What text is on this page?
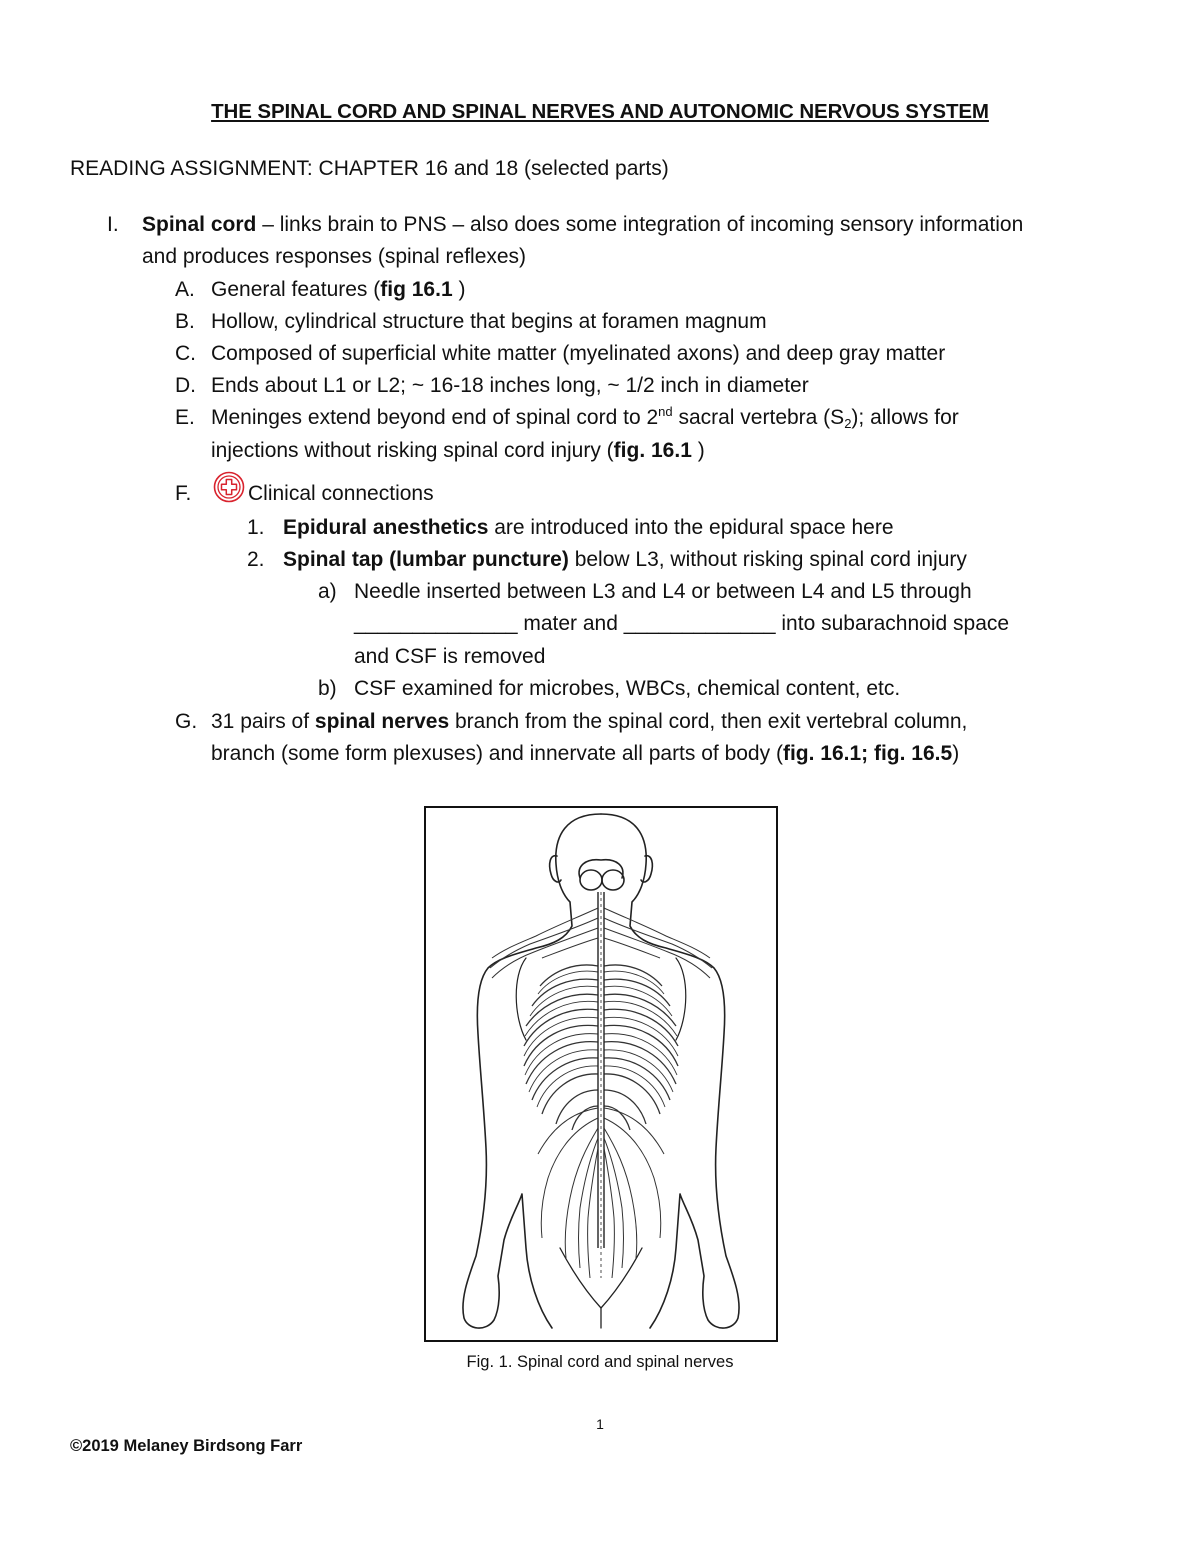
THE SPINAL CORD AND SPINAL NERVES AND AUTONOMIC NERVOUS SYSTEM
READING ASSIGNMENT: CHAPTER 16 and 18 (selected parts)
I. Spinal cord – links brain to PNS – also does some integration of incoming sensory information
and produces responses (spinal reflexes)
A. General features (fig 16.1 )
B. Hollow, cylindrical structure that begins at foramen magnum
C. Composed of superficial white matter (myelinated axons) and deep gray matter
D. Ends about L1 or L2; ~ 16-18 inches long, ~ 1/2 inch in diameter
E. Meninges extend beyond end of spinal cord to 2nd sacral vertebra $(S_2)$; allows for
injections without risking spinal cord injury (fig. 16.1 )
F.	Clinical connections
1. Epidural anesthetics are introduced into the epidural space here
2. Spinal tap (lumbar puncture) below L3, without risking spinal cord injury
a) Needle inserted between L3 and L4 or between L4 and L5 through
______________ mater and _____________ into subarachnoid space
and CSF is removed
b) CSF examined for microbes, WBCs, chemical content, etc.
G. 31 pairs of spinal nerves branch from the spinal cord, then exit vertebral column,
branch (some form plexuses) and innervate all parts of body (fig. 16.1; fig. 16.5)
Fig. 1. Spinal cord and spinal nerves
1
©2019 Melaney Birdsong Farr
